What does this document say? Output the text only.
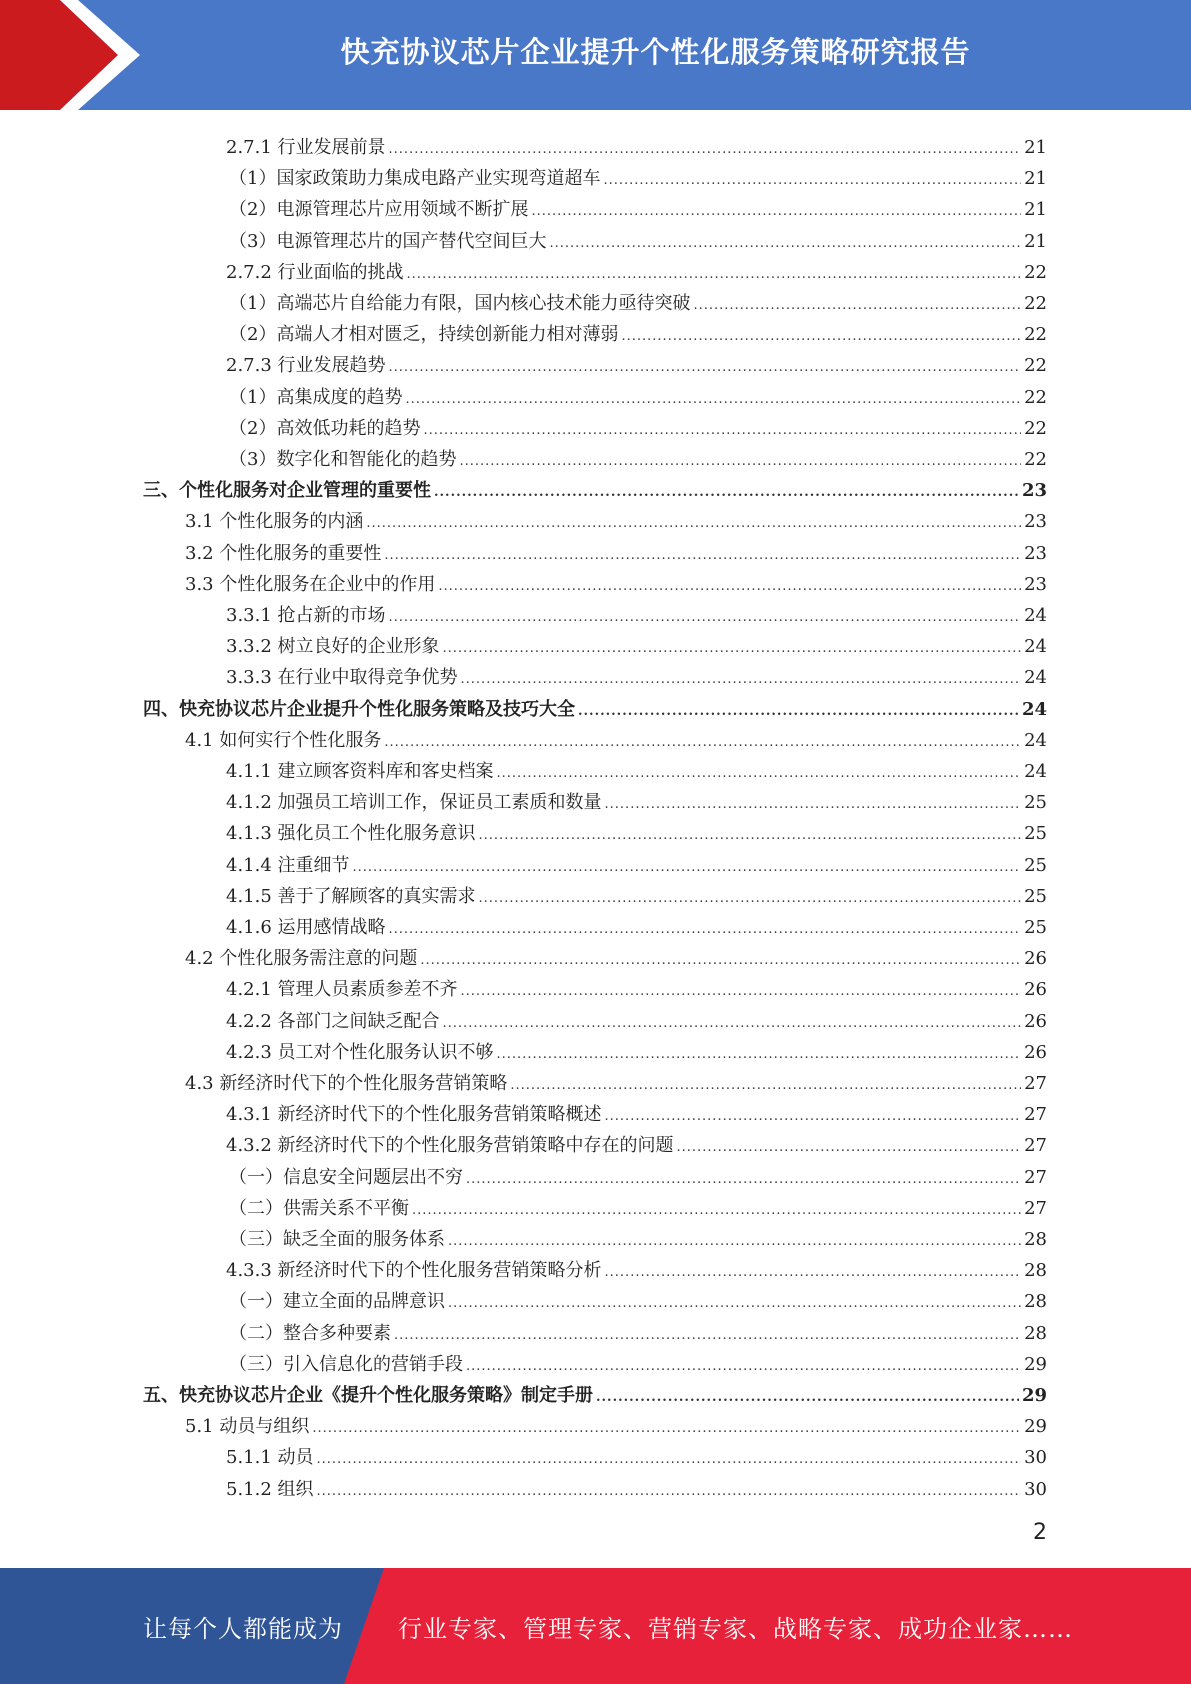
快充协议芯片企业提升个性化服务策略研究报告
2.7.1 行业发展前景 .....	21
（1）国家政策助力集成电路产业实现弯道超车 .....	21
（2）电源管理芯片应用领域不断扩展 .....	21
（3）电源管理芯片的国产替代空间巨大 .....	21
2.7.2 行业面临的挑战 .....	22
（1）高端芯片自给能力有限，国内核心技术能力亟待突破 .....	22
（2）高端人才相对匮乏，持续创新能力相对薄弱 .....	22
2.7.3 行业发展趋势 .....	22
（1）高集成度的趋势 .....	22
（2）高效低功耗的趋势 .....	22
（3）数字化和智能化的趋势 .....	22
三、个性化服务对企业管理的重要性 .....	23
3.1 个性化服务的内涵 .....	23
3.2 个性化服务的重要性 .....	23
3.3 个性化服务在企业中的作用 .....	23
3.3.1 抢占新的市场 .....	24
3.3.2 树立良好的企业形象 .....	24
3.3.3 在行业中取得竞争优势 .....	24
四、快充协议芯片企业提升个性化服务策略及技巧大全 .....	24
4.1 如何实行个性化服务 .....	24
4.1.1 建立顾客资料库和客史档案 .....	24
4.1.2 加强员工培训工作，保证员工素质和数量 .....	25
4.1.3 强化员工个性化服务意识 .....	25
4.1.4 注重细节 .....	25
4.1.5 善于了解顾客的真实需求 .....	25
4.1.6 运用感情战略 .....	25
4.2 个性化服务需注意的问题 .....	26
4.2.1 管理人员素质参差不齐 .....	26
4.2.2 各部门之间缺乏配合 .....	26
4.2.3 员工对个性化服务认识不够 .....	26
4.3 新经济时代下的个性化服务营销策略 .....	27
4.3.1 新经济时代下的个性化服务营销策略概述 .....	27
4.3.2 新经济时代下的个性化服务营销策略中存在的问题 .....	27
（一）信息安全问题层出不穷 .....	27
（二）供需关系不平衡 .....	27
（三）缺乏全面的服务体系 .....	28
4.3.3 新经济时代下的个性化服务营销策略分析 .....	28
（一）建立全面的品牌意识 .....	28
（二）整合多种要素 .....	28
（三）引入信息化的营销手段 .....	29
五、快充协议芯片企业《提升个性化服务策略》制定手册 .....	29
5.1 动员与组织 .....	29
5.1.1 动员 .....	30
5.1.2 组织 .....	30
2
让每个人都能成为 行业专家、管理专家、营销专家、战略专家、成功企业家……
